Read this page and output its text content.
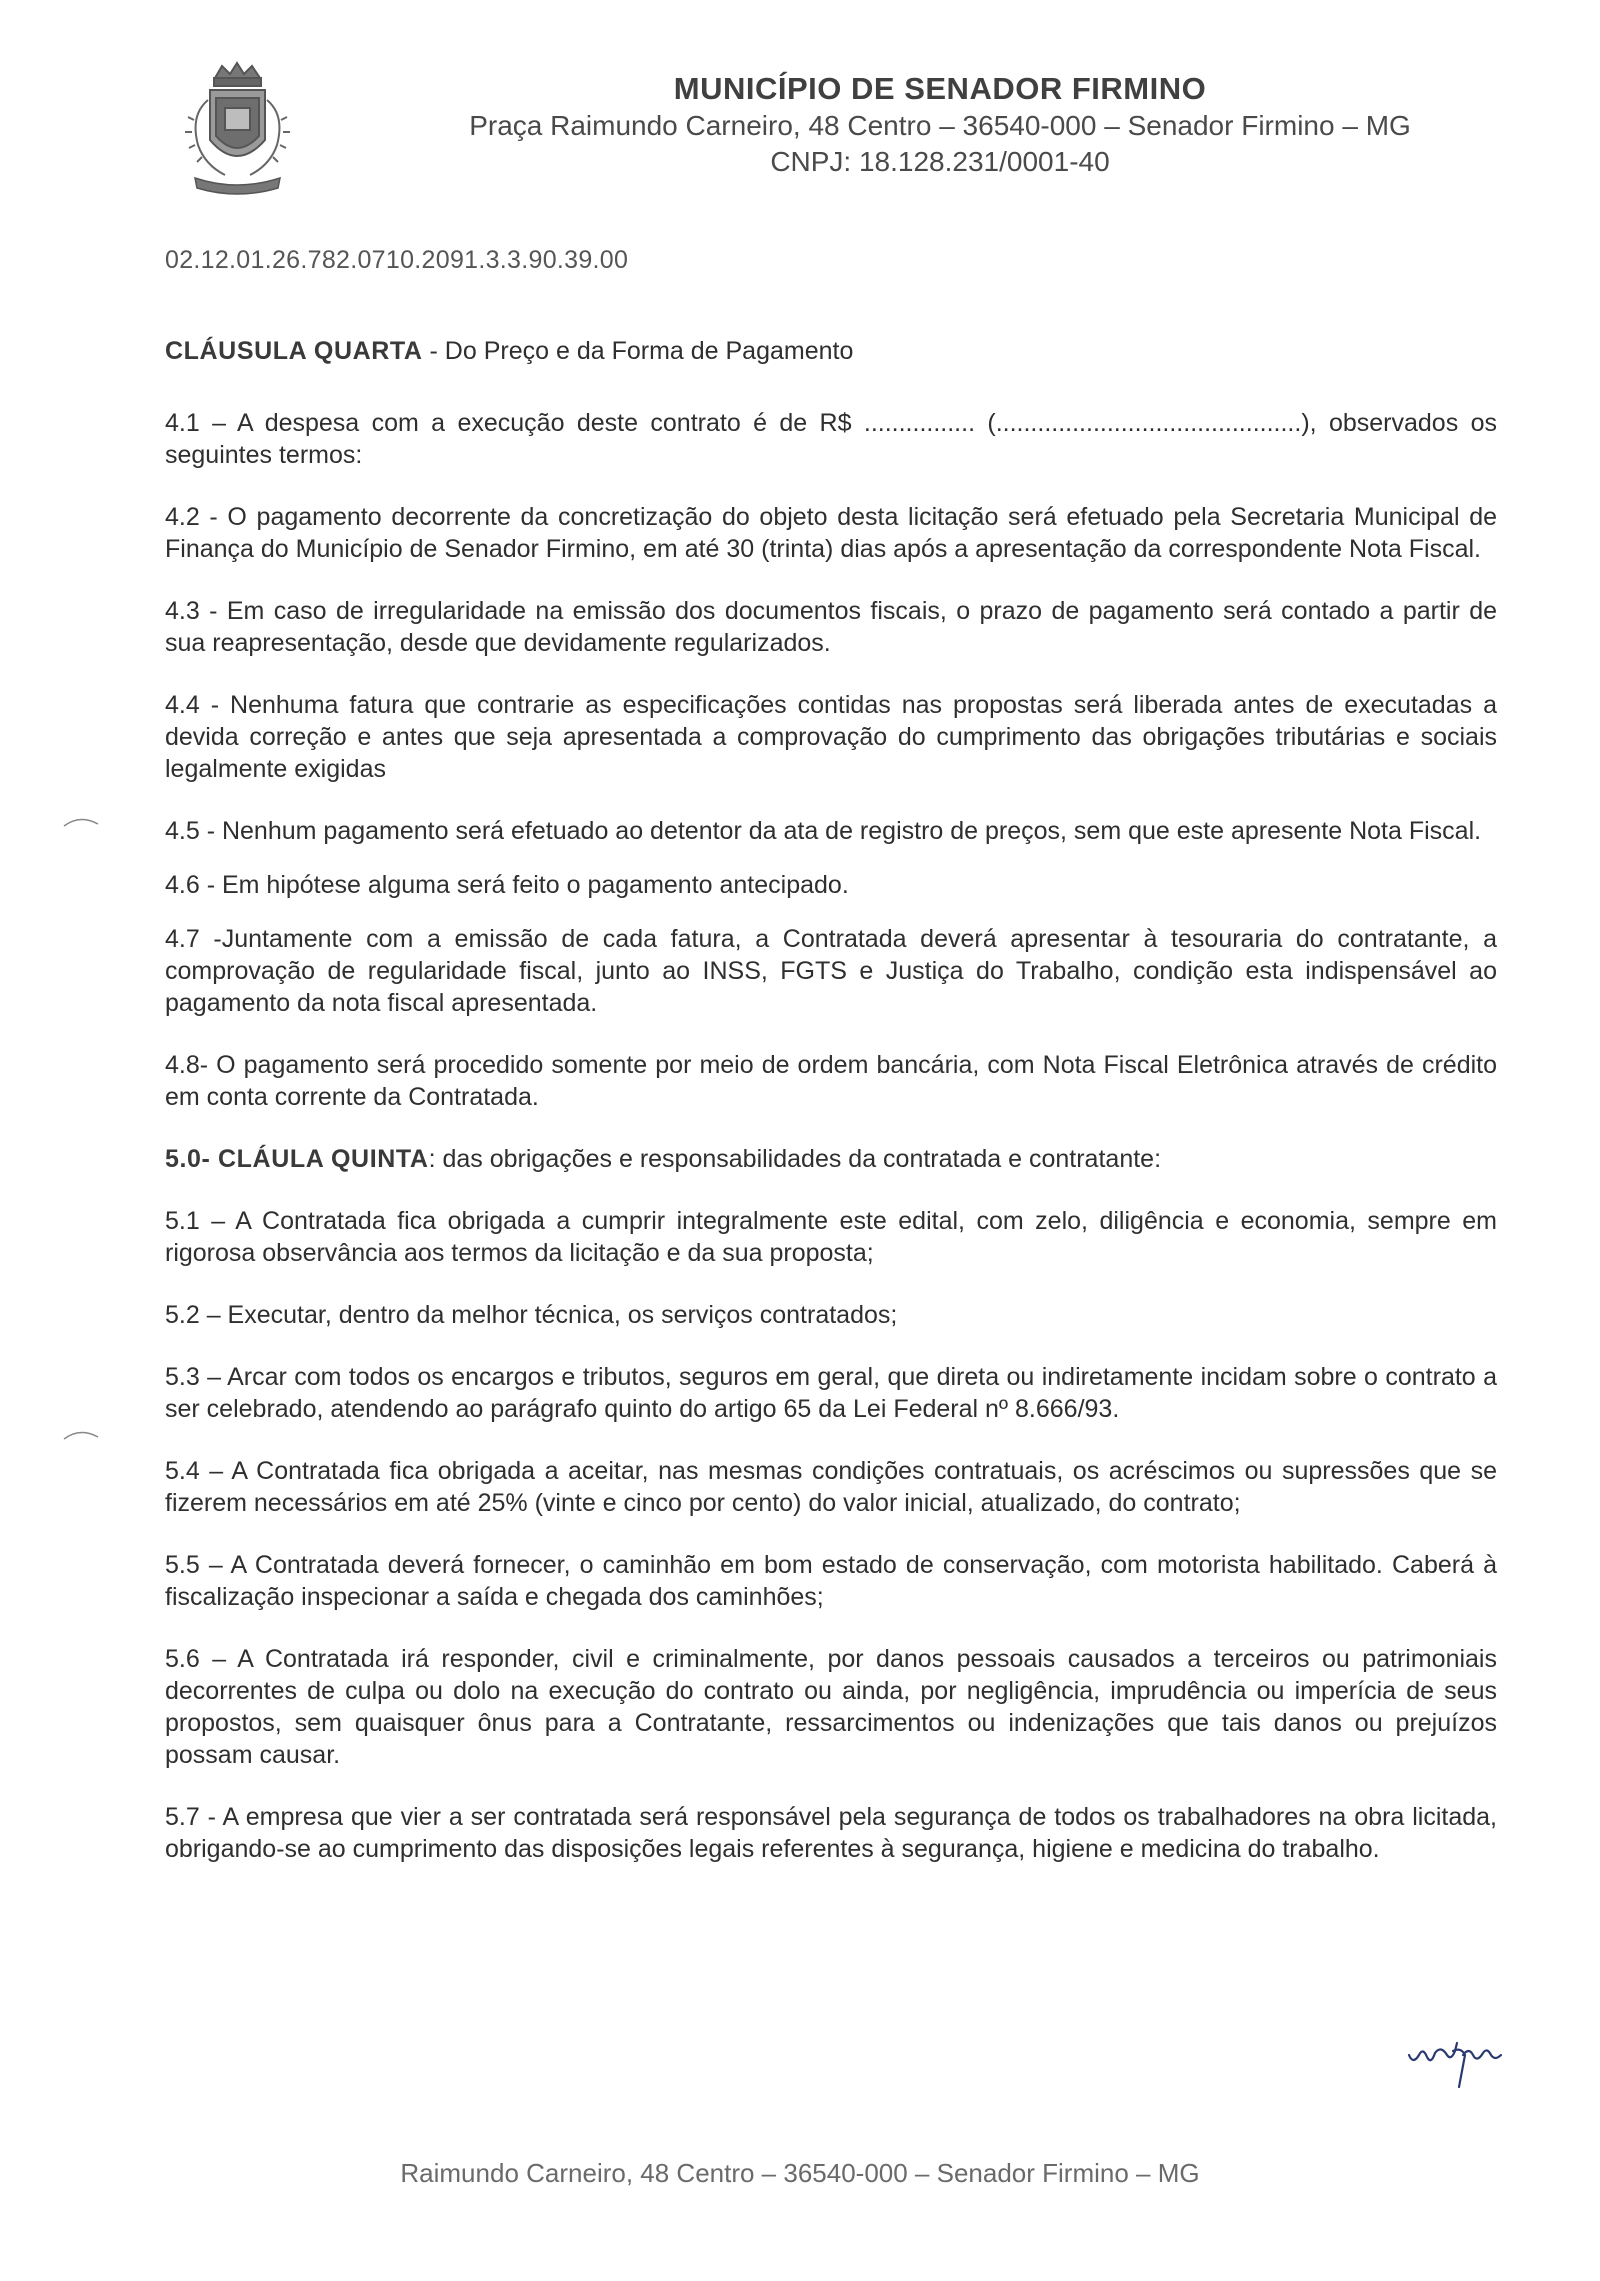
MUNICÍPIO DE SENADOR FIRMINO
Praça Raimundo Carneiro, 48 Centro – 36540-000 – Senador Firmino – MG
CNPJ: 18.128.231/0001-40
02.12.01.26.782.0710.2091.3.3.90.39.00

CLÁUSULA QUARTA - Do Preço e da Forma de Pagamento

4.1 – A despesa com a execução deste contrato é de R$ ................ (............................................), observados os seguintes termos:

4.2 - O pagamento decorrente da concretização do objeto desta licitação será efetuado pela Secretaria Municipal de Finança do Município de Senador Firmino, em até 30 (trinta) dias após a apresentação da correspondente Nota Fiscal.

4.3 - Em caso de irregularidade na emissão dos documentos fiscais, o prazo de pagamento será contado a partir de sua reapresentação, desde que devidamente regularizados.

4.4 - Nenhuma fatura que contrarie as especificações contidas nas propostas será liberada antes de executadas a devida correção e antes que seja apresentada a comprovação do cumprimento das obrigações tributárias e sociais legalmente exigidas

4.5 - Nenhum pagamento será efetuado ao detentor da ata de registro de preços, sem que este apresente Nota Fiscal.

4.6 - Em hipótese alguma será feito o pagamento antecipado.

4.7 -Juntamente com a emissão de cada fatura, a Contratada deverá apresentar à tesouraria do contratante, a comprovação de regularidade fiscal, junto ao INSS, FGTS e Justiça do Trabalho, condição esta indispensável ao pagamento da nota fiscal apresentada.

4.8- O pagamento será procedido somente por meio de ordem bancária, com Nota Fiscal Eletrônica através de crédito em conta corrente da Contratada.

5.0- CLÁULA QUINTA: das obrigações e responsabilidades da contratada e contratante:

5.1 – A Contratada fica obrigada a cumprir integralmente este edital, com zelo, diligência e economia, sempre em rigorosa observância aos termos da licitação e da sua proposta;

5.2 – Executar, dentro da melhor técnica, os serviços contratados;

5.3 – Arcar com todos os encargos e tributos, seguros em geral, que direta ou indiretamente incidam sobre o contrato a ser celebrado, atendendo ao parágrafo quinto do artigo 65 da Lei Federal nº 8.666/93.

5.4 – A Contratada fica obrigada a aceitar, nas mesmas condições contratuais, os acréscimos ou supressões que se fizerem necessários em até 25% (vinte e cinco por cento) do valor inicial, atualizado, do contrato;

5.5 – A Contratada deverá fornecer, o caminhão em bom estado de conservação, com motorista habilitado. Caberá à fiscalização inspecionar a saída e chegada dos caminhões;

5.6 – A Contratada irá responder, civil e criminalmente, por danos pessoais causados a terceiros ou patrimoniais decorrentes de culpa ou dolo na execução do contrato ou ainda, por negligência, imprudência ou imperícia de seus propostos, sem quaisquer ônus para a Contratante, ressarcimentos ou indenizações que tais danos ou prejuízos possam causar.

5.7 - A empresa que vier a ser contratada será responsável pela segurança de todos os trabalhadores na obra licitada, obrigando-se ao cumprimento das disposições legais referentes à segurança, higiene e medicina do trabalho.

Raimundo Carneiro, 48 Centro – 36540-000 – Senador Firmino – MG
